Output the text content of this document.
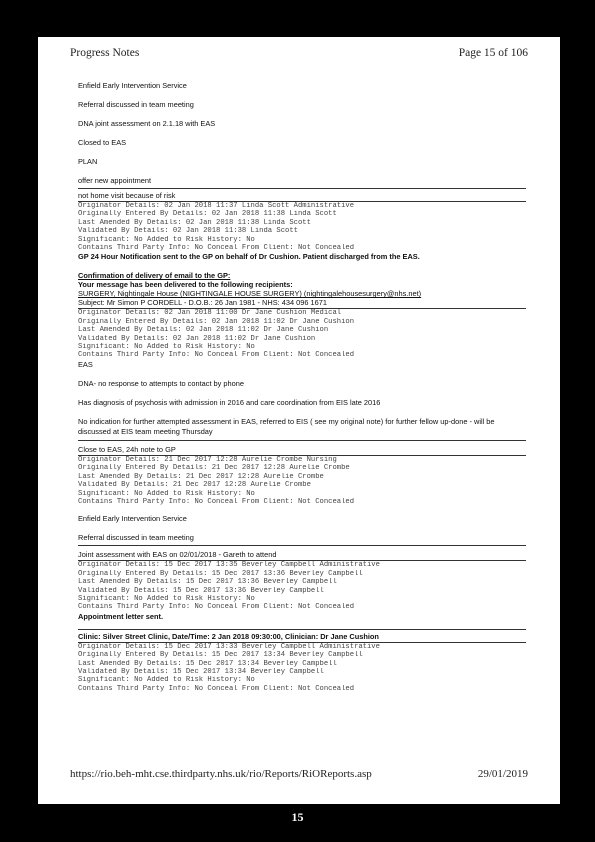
Progress Notes	Page 15 of 106
Enfield Early Intervention Service
Referral discussed in team meeting
DNA joint assessment on 2.1.18 with EAS
Closed to EAS
PLAN
offer new appointment
not home visit because of risk
Originator Details: 02 Jan 2018 11:37 Linda Scott Administrative
Originally Entered By Details: 02 Jan 2018 11:38 Linda Scott
Last Amended By Details: 02 Jan 2018 11:38 Linda Scott
Validated By Details: 02 Jan 2018 11:38 Linda Scott
Significant: No Added to Risk History: No
Contains Third Party Info: No Conceal From Client: Not Concealed
GP 24 Hour Notification sent to the GP on behalf of Dr Cushion. Patient discharged from the EAS.
Confirmation of delivery of email to the GP:
Your message has been delivered to the following recipients:
SURGERY, Nightingale House (NIGHTINGALE HOUSE SURGERY) (nightingalehousesurgery@nhs.net)
Subject: Mr Simon P CORDELL - D.O.B.: 26 Jan 1981 - NHS: 434 096 1671
Originator Details: 02 Jan 2018 11:00 Dr Jane Cushion Medical
Originally Entered By Details: 02 Jan 2018 11:02 Dr Jane Cushion
Last Amended By Details: 02 Jan 2018 11:02 Dr Jane Cushion
Validated By Details: 02 Jan 2018 11:02 Dr Jane Cushion
Significant: No Added to Risk History: No
Contains Third Party Info: No Conceal From Client: Not Concealed
EAS
DNA- no response to attempts to contact by phone
Has diagnosis of psychosis with admission in 2016 and care coordination from EIS late 2016
No indication for further attempted assessment in EAS, referred to EIS ( see my original note) for further fellow up-done - will be discussed at EIS team meeting Thursday
Close to EAS, 24h note to GP
Originator Details: 21 Dec 2017 12:28 Aurelie Crombe Nursing
Originally Entered By Details: 21 Dec 2017 12:28 Aurelie Crombe
Last Amended By Details: 21 Dec 2017 12:28 Aurelie Crombe
Validated By Details: 21 Dec 2017 12:28 Aurelie Crombe
Significant: No Added to Risk History: No
Contains Third Party Info: No Conceal From Client: Not Concealed
Enfield Early Intervention Service
Referral discussed in team meeting
Joint assessment with EAS on 02/01/2018 - Gareth to attend
Originator Details: 15 Dec 2017 13:35 Beverley Campbell Administrative
Originally Entered By Details: 15 Dec 2017 13:36 Beverley Campbell
Last Amended By Details: 15 Dec 2017 13:36 Beverley Campbell
Validated By Details: 15 Dec 2017 13:36 Beverley Campbell
Significant: No Added to Risk History: No
Contains Third Party Info: No Conceal From Client: Not Concealed
Appointment letter sent.
Clinic: Silver Street Clinic, Date/Time: 2 Jan 2018 09:30:00, Clinician: Dr Jane Cushion
Originator Details: 15 Dec 2017 13:33 Beverley Campbell Administrative
Originally Entered By Details: 15 Dec 2017 13:34 Beverley Campbell
Last Amended By Details: 15 Dec 2017 13:34 Beverley Campbell
Validated By Details: 15 Dec 2017 13:34 Beverley Campbell
Significant: No Added to Risk History: No
Contains Third Party Info: No Conceal From Client: Not Concealed
https://rio.beh-mht.cse.thirdparty.nhs.uk/rio/Reports/RiOReports.asp	29/01/2019
15
